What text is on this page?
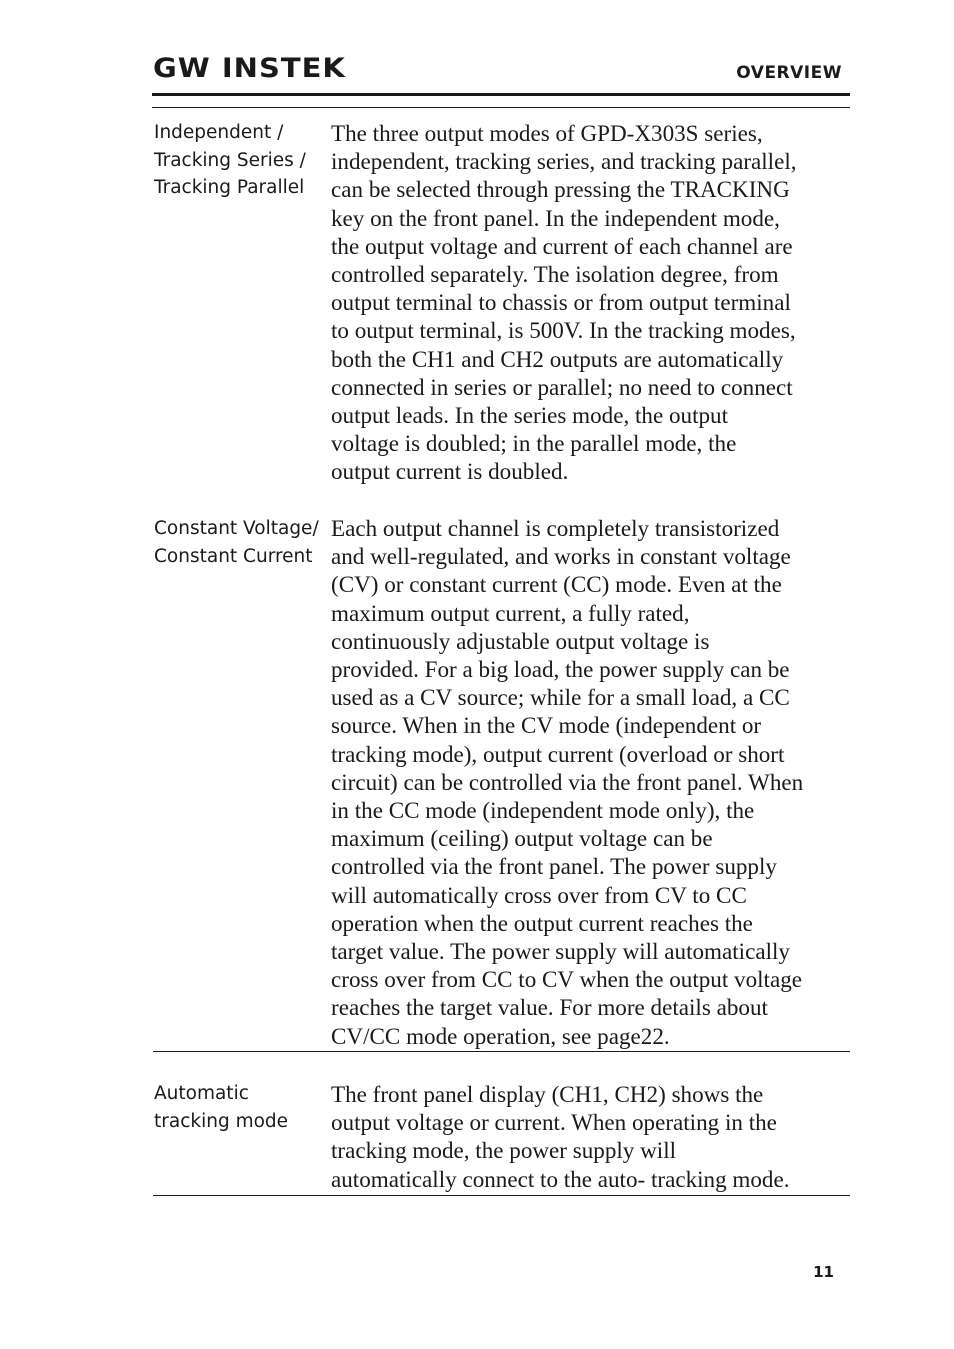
GW INSTEK	OVERVIEW
Independent /
Tracking Series /
Tracking Parallel
The three output modes of GPD-X303S series,
independent, tracking series, and tracking parallel,
can be selected through pressing the TRACKING
key on the front panel. In the independent mode,
the output voltage and current of each channel are
controlled separately. The isolation degree, from
output terminal to chassis or from output terminal
to output terminal, is 500V. In the tracking modes,
both the CH1 and CH2 outputs are automatically
connected in series or parallel; no need to connect
output leads. In the series mode, the output
voltage is doubled; in the parallel mode, the
output current is doubled.
Constant Voltage/
Constant Current
Each output channel is completely transistorized
and well-regulated, and works in constant voltage
(CV) or constant current (CC) mode. Even at the
maximum output current, a fully rated,
continuously adjustable output voltage is
provided. For a big load, the power supply can be
used as a CV source; while for a small load, a CC
source. When in the CV mode (independent or
tracking mode), output current (overload or short
circuit) can be controlled via the front panel. When
in the CC mode (independent mode only), the
maximum (ceiling) output voltage can be
controlled via the front panel. The power supply
will automatically cross over from CV to CC
operation when the output current reaches the
target value. The power supply will automatically
cross over from CC to CV when the output voltage
reaches the target value. For more details about
CV/CC mode operation, see page22.
Automatic
tracking mode
The front panel display (CH1, CH2) shows the
output voltage or current. When operating in the
tracking mode, the power supply will
automatically connect to the auto- tracking mode.
11
